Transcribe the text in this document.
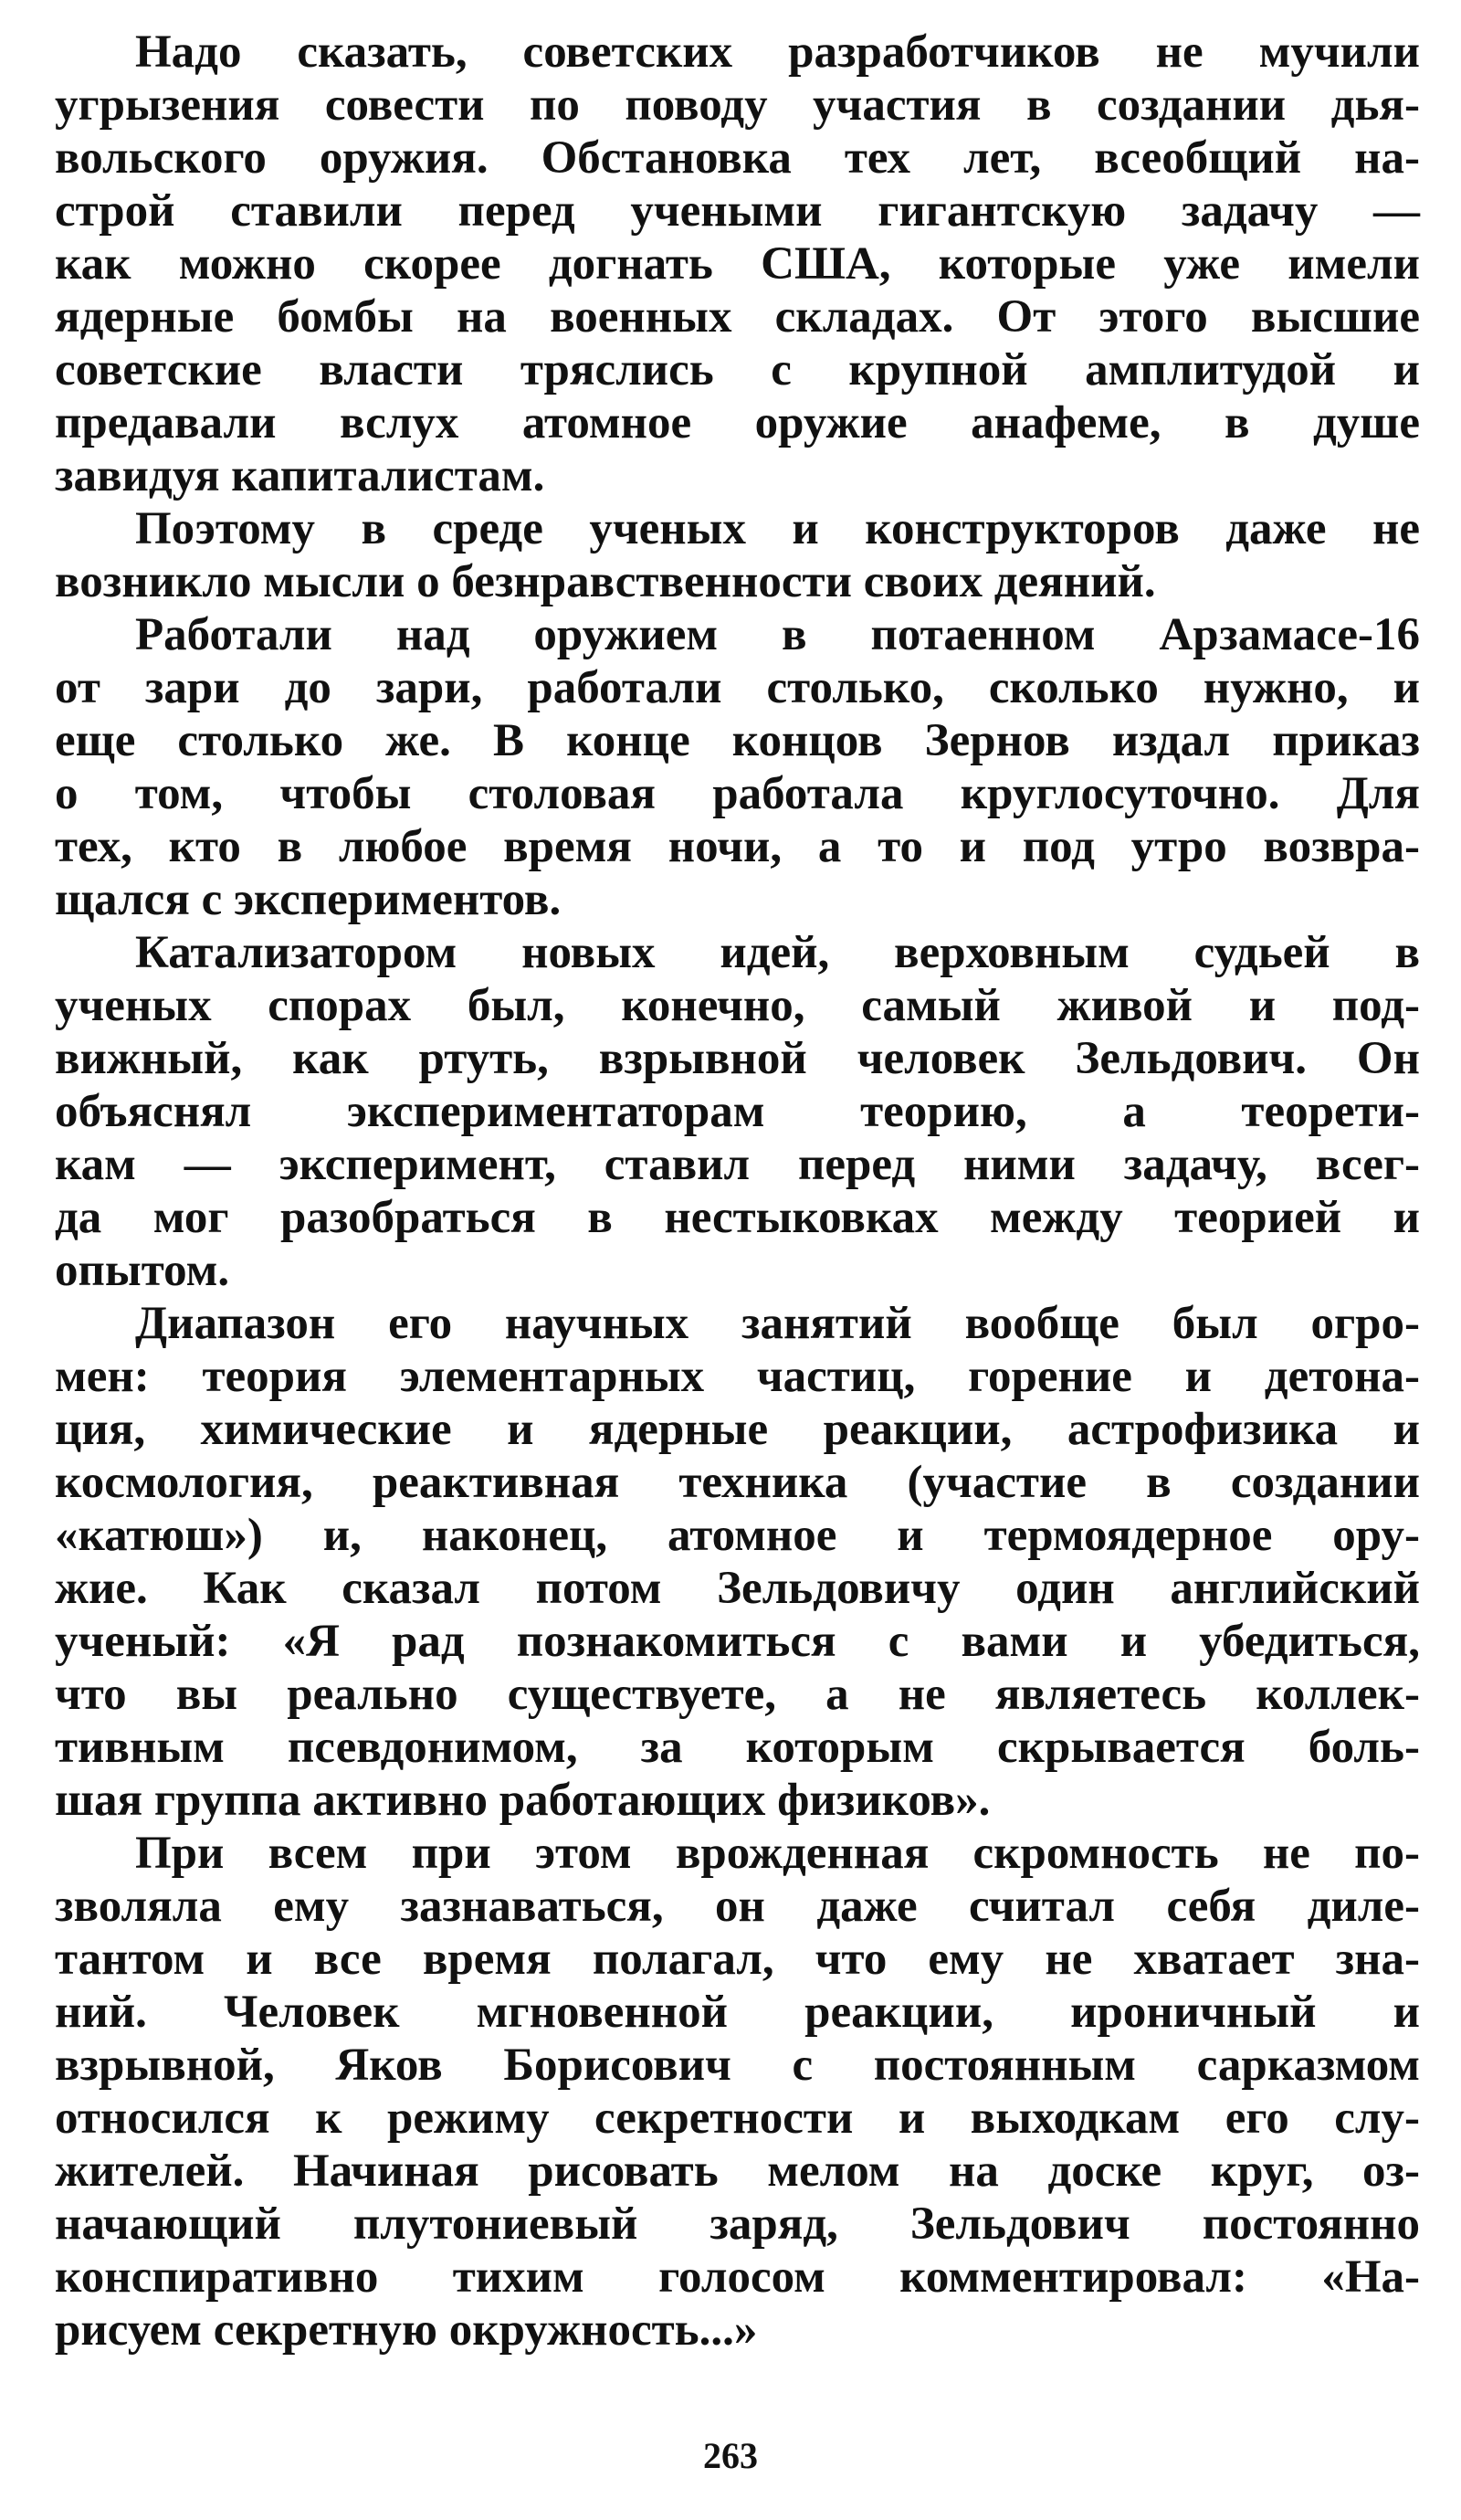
Надо сказать, советских разработчиков не мучили
угрызения совести по поводу участия в создании дья-
вольского оружия. Обстановка тех лет, всеобщий на-
строй ставили перед учеными гигантскую задачу —
как можно скорее догнать США, которые уже имели
ядерные бомбы на военных складах. От этого высшие
советские власти тряслись с крупной амплитудой и
предавали вслух атомное оружие анафеме, в душе
завидуя капиталистам.
Поэтому в среде ученых и конструкторов даже не
возникло мысли о безнравственности своих деяний.
Работали над оружием в потаенном Арзамасе-16
от зари до зари, работали столько, сколько нужно, и
еще столько же. В конце концов Зернов издал приказ
о том, чтобы столовая работала круглосуточно. Для
тех, кто в любое время ночи, а то и под утро возвра-
щался с экспериментов.
Катализатором новых идей, верховным судьей в
ученых спорах был, конечно, самый живой и под-
вижный, как ртуть, взрывной человек Зельдович. Он
объяснял экспериментаторам теорию, а теорети-
кам — эксперимент, ставил перед ними задачу, всег-
да мог разобраться в нестыковках между теорией и
опытом.
Диапазон его научных занятий вообще был огро-
мен: теория элементарных частиц, горение и детона-
ция, химические и ядерные реакции, астрофизика и
космология, реактивная техника (участие в создании
«катюш») и, наконец, атомное и термоядерное ору-
жие. Как сказал потом Зельдовичу один английский
ученый: «Я рад познакомиться с вами и убедиться,
что вы реально существуете, а не являетесь коллек-
тивным псевдонимом, за которым скрывается боль-
шая группа активно работающих физиков».
При всем при этом врожденная скромность не по-
зволяла ему зазнаваться, он даже считал себя диле-
тантом и все время полагал, что ему не хватает зна-
ний. Человек мгновенной реакции, ироничный и
взрывной, Яков Борисович с постоянным сарказмом
относился к режиму секретности и выходкам его слу-
жителей. Начиная рисовать мелом на доске круг, оз-
начающий плутониевый заряд, Зельдович постоянно
конспиративно тихим голосом комментировал: «На-
рисуем секретную окружность...»
263
